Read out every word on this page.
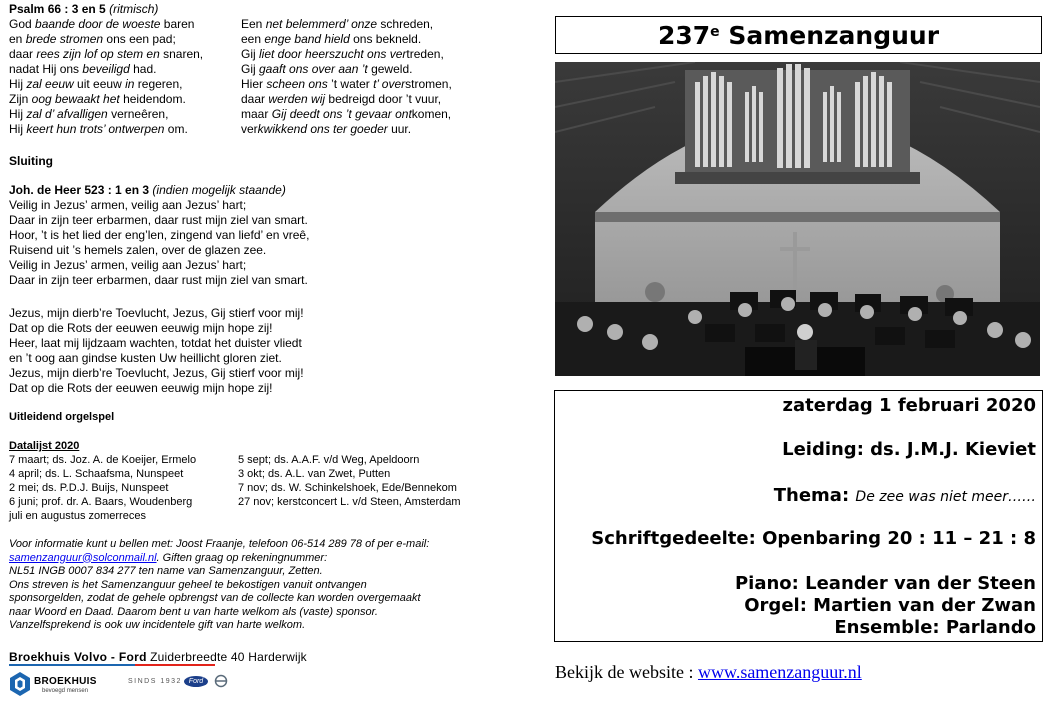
Psalm 66 : 3 en 5 (ritmisch)
God baande door de woeste baren
en brede stromen ons een pad;
daar rees zijn lof op stem en snaren,
nadat Hij ons beveiligd had.
Hij zal eeuw uit eeuw in regeren,
Zijn oog bewaakt het heidendom.
Hij zal d’ afvalligen verneêren,
Hij keert hun trots’ ontwerpen om.
Een net belemmerd’ onze schreden,
een enge band hield ons bekneld.
Gij liet door heerszucht ons vertreden,
Gij gaaft ons over aan ’t geweld.
Hier scheen ons ’t water t’ overstromen,
daar werden wij bedreigd door ’t vuur,
maar Gij deedt ons ’t gevaar ontkomen,
verkwikkend ons ter goeder uur.
Sluiting
Joh. de Heer 523 : 1 en 3 (indien mogelijk staande)
Veilig in Jezus’ armen, veilig aan Jezus’ hart;
Daar in zijn teer erbarmen, daar rust mijn ziel van smart.
Hoor, ’t is het lied der eng’len, zingend van liefd’ en vreê,
Ruisend uit ’s hemels zalen, over de glazen zee.
Veilig in Jezus’ armen, veilig aan Jezus’ hart;
Daar in zijn teer erbarmen, daar rust mijn ziel van smart.
Jezus, mijn dierb’re Toevlucht, Jezus, Gij stierf voor mij!
Dat op die Rots der eeuwen eeuwig mijn hope zij!
Heer, laat mij lijdzaam wachten, totdat het duister vliedt
en ’t oog aan gindse kusten Uw heillicht gloren ziet.
Jezus, mijn dierb’re Toevlucht, Jezus, Gij stierf voor mij!
Dat op die Rots der eeuwen eeuwig mijn hope zij!
Uitleidend orgelspel
Datalijst 2020
7 maart; ds. Joz. A. de Koeijer, Ermelo
4 april; ds. L. Schaafsma, Nunspeet
2 mei; ds. P.D.J. Buijs, Nunspeet
6 juni; prof. dr. A. Baars, Woudenberg
juli en augustus zomerreces
5 sept; ds. A.A.F. v/d Weg, Apeldoorn
3 okt; ds. A.L. van Zwet, Putten
7 nov; ds. W. Schinkelshoek, Ede/Bennekom
27 nov; kerstconcert L. v/d Steen, Amsterdam
Voor informatie kunt u bellen met: Joost Fraanje, telefoon 06-514 289 78 of per e-mail:
samenzanguur@solconmail.nl. Giften graag op rekeningnummer:
NL51 INGB 0007 834 277 ten name van Samenzanguur, Zetten.
Ons streven is het Samenzanguur geheel te bekostigen vanuit ontvangen
sponsorgelden, zodat de gehele opbrengst van de collecte kan worden overgemaakt
naar Woord en Daad. Daarom bent u van harte welkom als (vaste) sponsor.
Vanzelfsprekend is ook uw incidentele gift van harte welkom.
Broekhuis Volvo - Ford Zuiderbreedte 40 Harderwijk
BROEKHUIS
bevoegd mensen
SINDS 1932 Ford
237e Samenzanguur
zaterdag 1 februari 2020
Leiding: ds. J.M.J. Kieviet
Thema: De zee was niet meer……
Schriftgedeelte: Openbaring 20 : 11 – 21 : 8
Piano: Leander van der Steen
Orgel: Martien van der Zwan
Ensemble: Parlando
Bekijk de website : www.samenzanguur.nl
